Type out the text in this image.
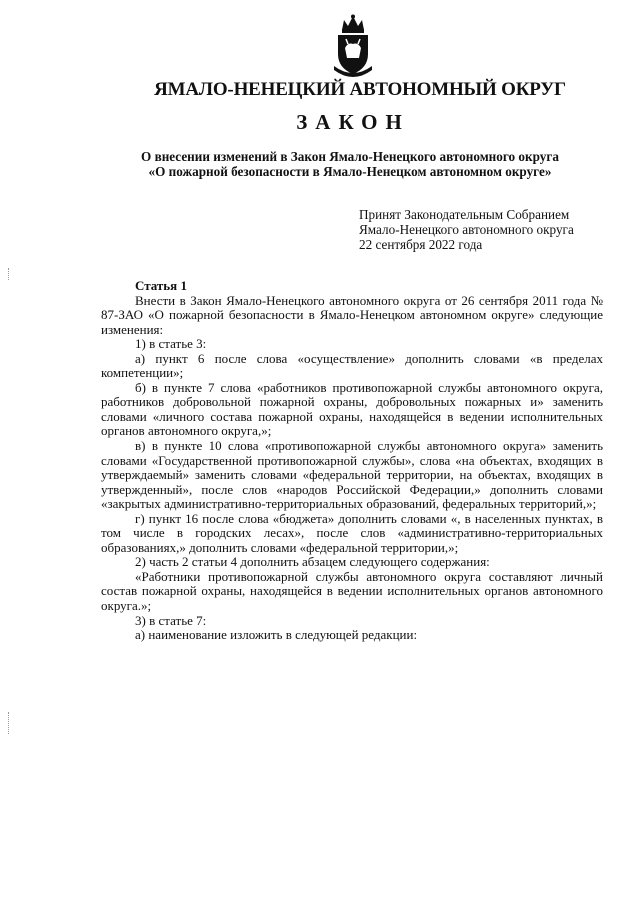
ЯМАЛО-НЕНЕЦКИЙ АВТОНОМНЫЙ ОКРУГ
ЗАКОН
О внесении изменений в Закон Ямало-Ненецкого автономного округа
«О пожарной безопасности в Ямало-Ненецком автономном округе»
Принят Законодательным Собранием
Ямало-Ненецкого автономного округа
22 сентября 2022 года

Статья 1

Внести в Закон Ямало-Ненецкого автономного округа от 26 сентября 2011 года № 87-ЗАО «О пожарной безопасности в Ямало-Ненецком автономном округе» следующие изменения:

1) в статье 3:

а) пункт 6 после слова «осуществление» дополнить словами «в пределах компетенции»;

б) в пункте 7 слова «работников противопожарной службы автономного округа, работников добровольной пожарной охраны, добровольных пожарных и» заменить словами «личного состава пожарной охраны, находящейся в ведении исполнительных органов автономного округа,»;

в) в пункте 10 слова «противопожарной службы автономного округа» заменить словами «Государственной противопожарной службы», слова «на объектах, входящих в утверждаемый» заменить словами «федеральной территории, на объектах, входящих в утвержденный», после слов «народов Российской Федерации,» дополнить словами «закрытых административно-территориальных образований, федеральных территорий,»;

г) пункт 16 после слова «бюджета» дополнить словами «, в населенных пунктах, в том числе в городских лесах», после слов «административно-территориальных образованиях,» дополнить словами «федеральной территории,»;

2) часть 2 статьи 4 дополнить абзацем следующего содержания:

«Работники противопожарной службы автономного округа составляют личный состав пожарной охраны, находящейся в ведении исполнительных органов автономного округа.»;

3) в статье 7:

а) наименование изложить в следующей редакции:
